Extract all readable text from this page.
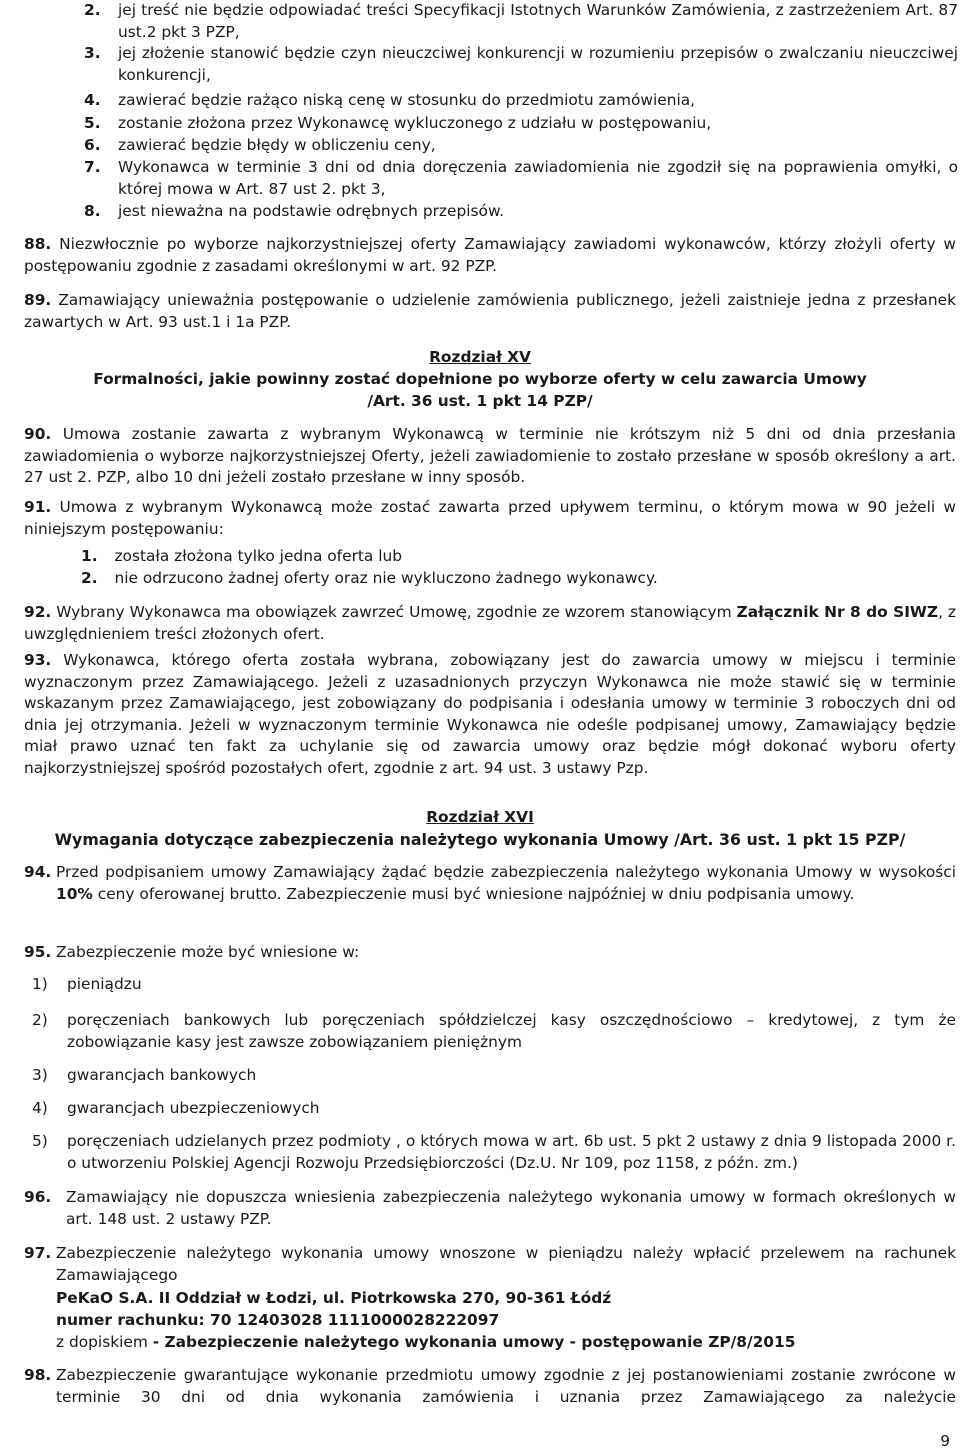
2. jej treść nie będzie odpowiadać treści Specyfikacji Istotnych Warunków Zamówienia, z zastrzeżeniem Art. 87 ust.2 pkt 3 PZP,
3. jej złożenie stanowić będzie czyn nieuczciwej konkurencji w rozumieniu przepisów o zwalczaniu nieuczciwej konkurencji,
4. zawierać będzie rażąco niską cenę w stosunku do przedmiotu zamówienia,
5. zostanie złożona przez Wykonawcę wykluczonego z udziału w postępowaniu,
6. zawierać będzie błędy w obliczeniu ceny,
7. Wykonawca w terminie 3 dni od dnia doręczenia zawiadomienia nie zgodził się na poprawienia omyłki, o której mowa w Art. 87 ust 2. pkt 3,
8. jest nieważna na podstawie odrębnych przepisów.
88. Niezwłocznie po wyborze najkorzystniejszej oferty Zamawiający zawiadomi wykonawców, którzy złożyli oferty w postępowaniu zgodnie z zasadami określonymi w art. 92 PZP.
89. Zamawiający unieważnia postępowanie o udzielenie zamówienia publicznego, jeżeli zaistnieje jedna z przesłanek zawartych w Art. 93 ust.1 i 1a PZP.
Rozdział XV
Formalności, jakie powinny zostać dopełnione po wyborze oferty w celu zawarcia Umowy
/Art. 36 ust. 1 pkt 14 PZP/
90. Umowa zostanie zawarta z wybranym Wykonawcą w terminie nie krótszym niż 5 dni od dnia przesłania zawiadomienia o wyborze najkorzystniejszej Oferty, jeżeli zawiadomienie to zostało przesłane w sposób określony a art. 27 ust 2. PZP, albo 10 dni jeżeli zostało przesłane w inny sposób.
91. Umowa z wybranym Wykonawcą może zostać zawarta przed upływem terminu, o którym mowa w 90 jeżeli w niniejszym postępowaniu:
1. została złożona tylko jedna oferta lub
2. nie odrzucono żadnej oferty oraz nie wykluczono żadnego wykonawcy.
92. Wybrany Wykonawca ma obowiązek zawrzeć Umowę, zgodnie ze wzorem stanowiącym Załącznik Nr 8 do SIWZ, z uwzględnieniem treści złożonych ofert.
93. Wykonawca, którego oferta została wybrana, zobowiązany jest do zawarcia umowy w miejscu i terminie wyznaczonym przez Zamawiającego. Jeżeli z uzasadnionych przyczyn Wykonawca nie może stawić się w terminie wskazanym przez Zamawiającego, jest zobowiązany do podpisania i odesłania umowy w terminie 3 roboczych dni od dnia jej otrzymania. Jeżeli w wyznaczonym terminie Wykonawca nie odeśle podpisanej umowy, Zamawiający będzie miał prawo uznać ten fakt za uchylanie się od zawarcia umowy oraz będzie mógł dokonać wyboru oferty najkorzystniejszej spośród pozostałych ofert, zgodnie z art. 94 ust. 3 ustawy Pzp.
Rozdział XVI
Wymagania dotyczące zabezpieczenia należytego wykonania Umowy /Art. 36 ust. 1 pkt 15 PZP/
94. Przed podpisaniem umowy Zamawiający żądać będzie zabezpieczenia należytego wykonania Umowy w wysokości 10% ceny oferowanej brutto. Zabezpieczenie musi być wniesione najpóźniej w dniu podpisania umowy.
95. Zabezpieczenie może być wniesione w:
1) pieniądzu
2) poręczeniach bankowych lub poręczeniach spółdzielczej kasy oszczędnościowo – kredytowej, z tym że zobowiązanie kasy jest zawsze zobowiązaniem pieniężnym
3) gwarancjach bankowych
4) gwarancjach ubezpieczeniowych
5) poręczeniach udzielanych przez podmioty , o których mowa w art. 6b ust. 5 pkt 2 ustawy z dnia 9 listopada 2000 r. o utworzeniu Polskiej Agencji Rozwoju Przedsiębiorczości (Dz.U. Nr 109, poz 1158, z późn. zm.)
96. Zamawiający nie dopuszcza wniesienia zabezpieczenia należytego wykonania umowy w formach określonych w art. 148 ust. 2 ustawy PZP.
97. Zabezpieczenie należytego wykonania umowy wnoszone w pieniądzu należy wpłacić przelewem na rachunek Zamawiającego
PeKaO S.A. II Oddział w Łodzi, ul. Piotrkowska 270, 90-361 Łódź
numer rachunku: 70 12403028 1111000028222097
z dopiskiem - Zabezpieczenie należytego wykonania umowy - postępowanie ZP/8/2015
98. Zabezpieczenie gwarantujące wykonanie przedmiotu umowy zgodnie z jej postanowieniami zostanie zwrócone w terminie 30 dni od dnia wykonania zamówienia i uznania przez Zamawiającego za należycie
9
